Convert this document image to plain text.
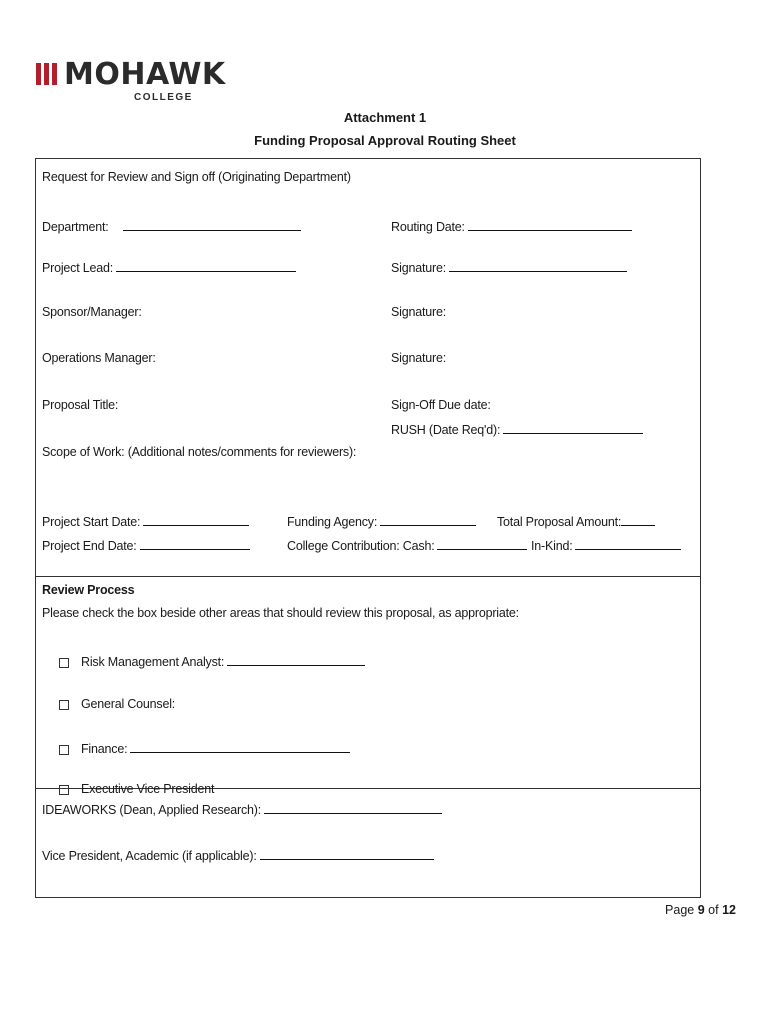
MOHAWK
COLLEGE
Attachment 1
Funding Proposal Approval Routing Sheet
Request for Review and Sign off (Originating Department)
Department:	Routing Date:
Project Lead:	Signature:
Sponsor/Manager:	Signature:
Operations Manager:	Signature:
Proposal Title:	Sign-Off Due date:
RUSH (Date Req'd):
Scope of Work: (Additional notes/comments for reviewers):
Project Start Date:	Funding Agency:	Total Proposal Amount:
Project End Date:	College Contribution: Cash:	In-Kind:
Review Process
Please check the box beside other areas that should review this proposal, as appropriate:
Risk Management Analyst:
General Counsel:
Finance:
Executive Vice President
IDEAWORKS (Dean, Applied Research):
Vice President, Academic (if applicable):
Page 9 of 12
